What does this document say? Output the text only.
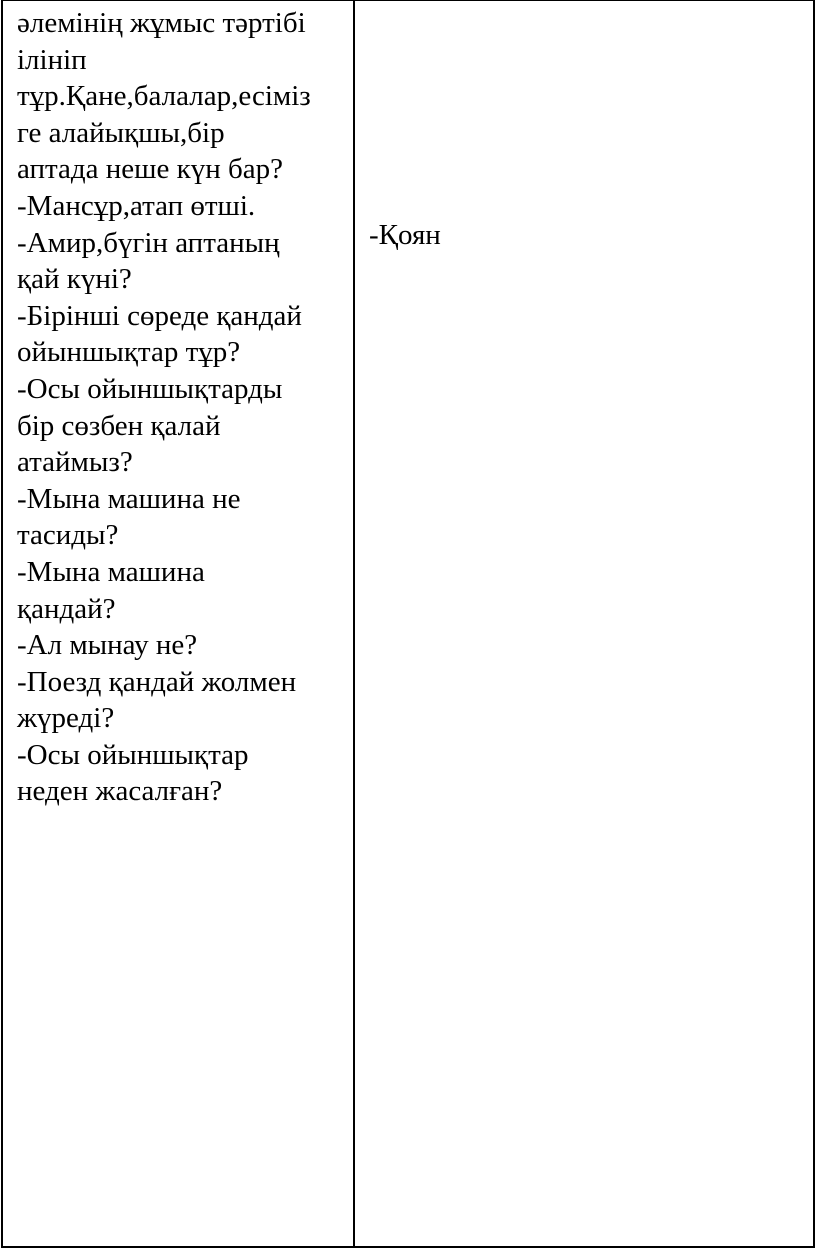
әлемінің жұмыс тәртібі
ілініп
тұр.Қане,балалар,есіміз
ге алайықшы,бір
аптада неше күн бар?
-Мансұр,атап өтші.
-Амир,бүгін аптаның
қай күні?
-Бірінші сөреде қандай
ойыншықтар тұр?
-Осы ойыншықтарды
бір сөзбен қалай
атаймыз?
-Мына машина не
тасиды?
-Мына машина
қандай?
-Ал мынау не?
-Поезд қандай жолмен
жүреді?
-Осы ойыншықтар
неден жасалған?
-Қоян
